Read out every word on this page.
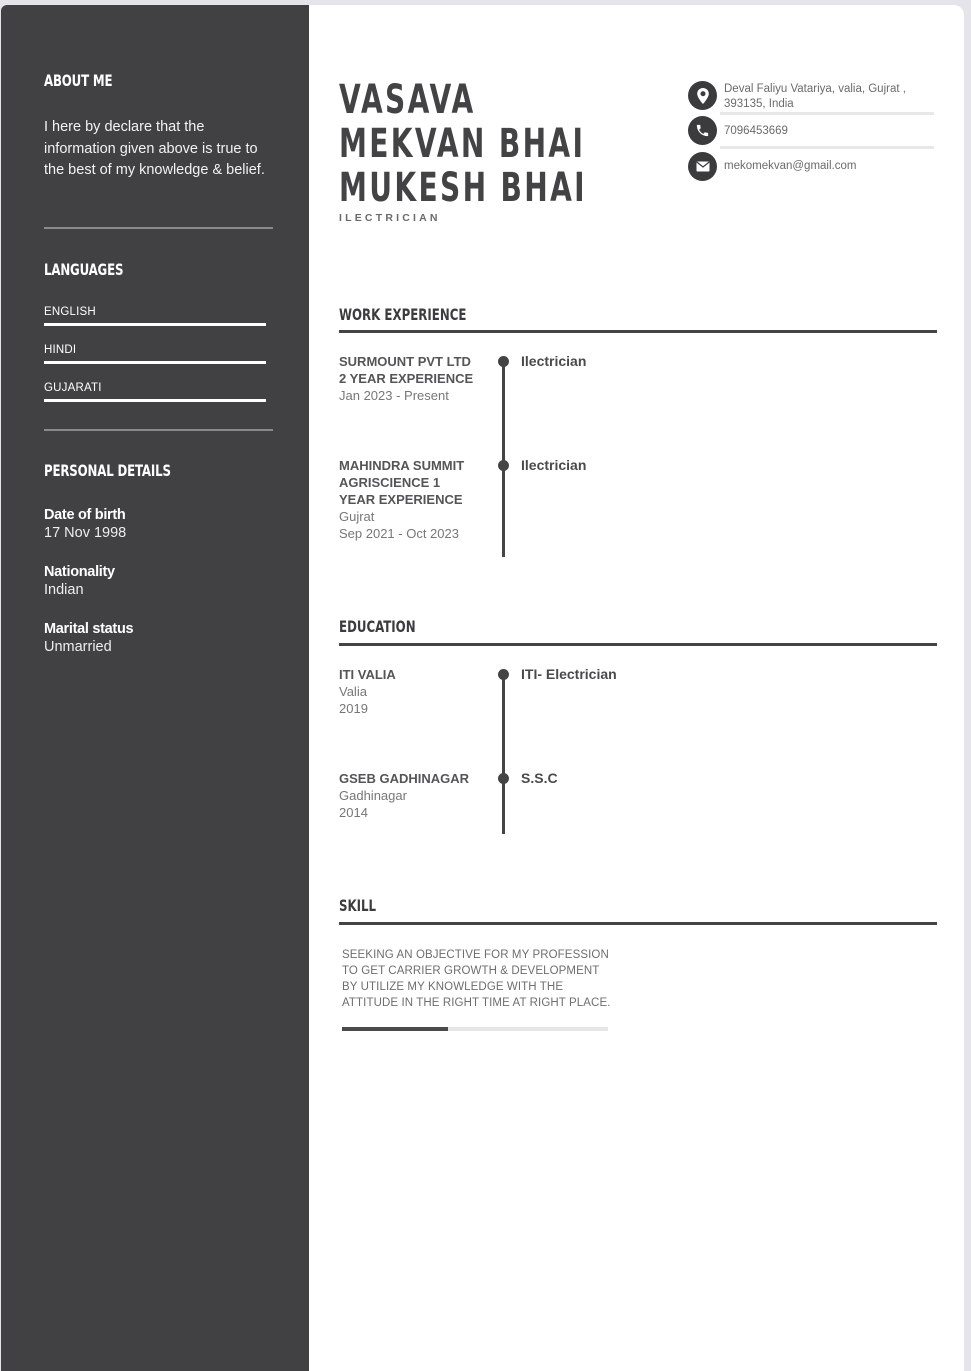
ABOUT ME

I here by declare that the information given above is true to the best of my knowledge & belief.

LANGUAGES
ENGLISH
HINDI
GUJARATI
PERSONAL DETAILS
Date of birth
17 Nov 1998
Nationality
Indian
Marital status
Unmarried
VASAVA
MEKVAN BHAI
MUKESH BHAI
ILECTRICIAN
Deval Faliyu Vatariya, valia, Gujrat , 393135, India
7096453669
mekomekvan@gmail.com
WORK EXPERIENCE
SURMOUNT PVT LTD 2 YEAR EXPERIENCE
Jan 2023 - Present
Ilectrician
MAHINDRA SUMMIT AGRISCIENCE 1 YEAR EXPERIENCE
Gujrat
Sep 2021 - Oct 2023
Ilectrician
EDUCATION
ITI VALIA
Valia
2019
ITI- Electrician
GSEB GADHINAGAR
Gadhinagar
2014
S.S.C
SKILL

SEEKING AN OBJECTIVE FOR MY PROFESSION TO GET CARRIER GROWTH & DEVELOPMENT BY UTILIZE MY KNOWLEDGE WITH THE ATTITUDE IN THE RIGHT TIME AT RIGHT PLACE.
